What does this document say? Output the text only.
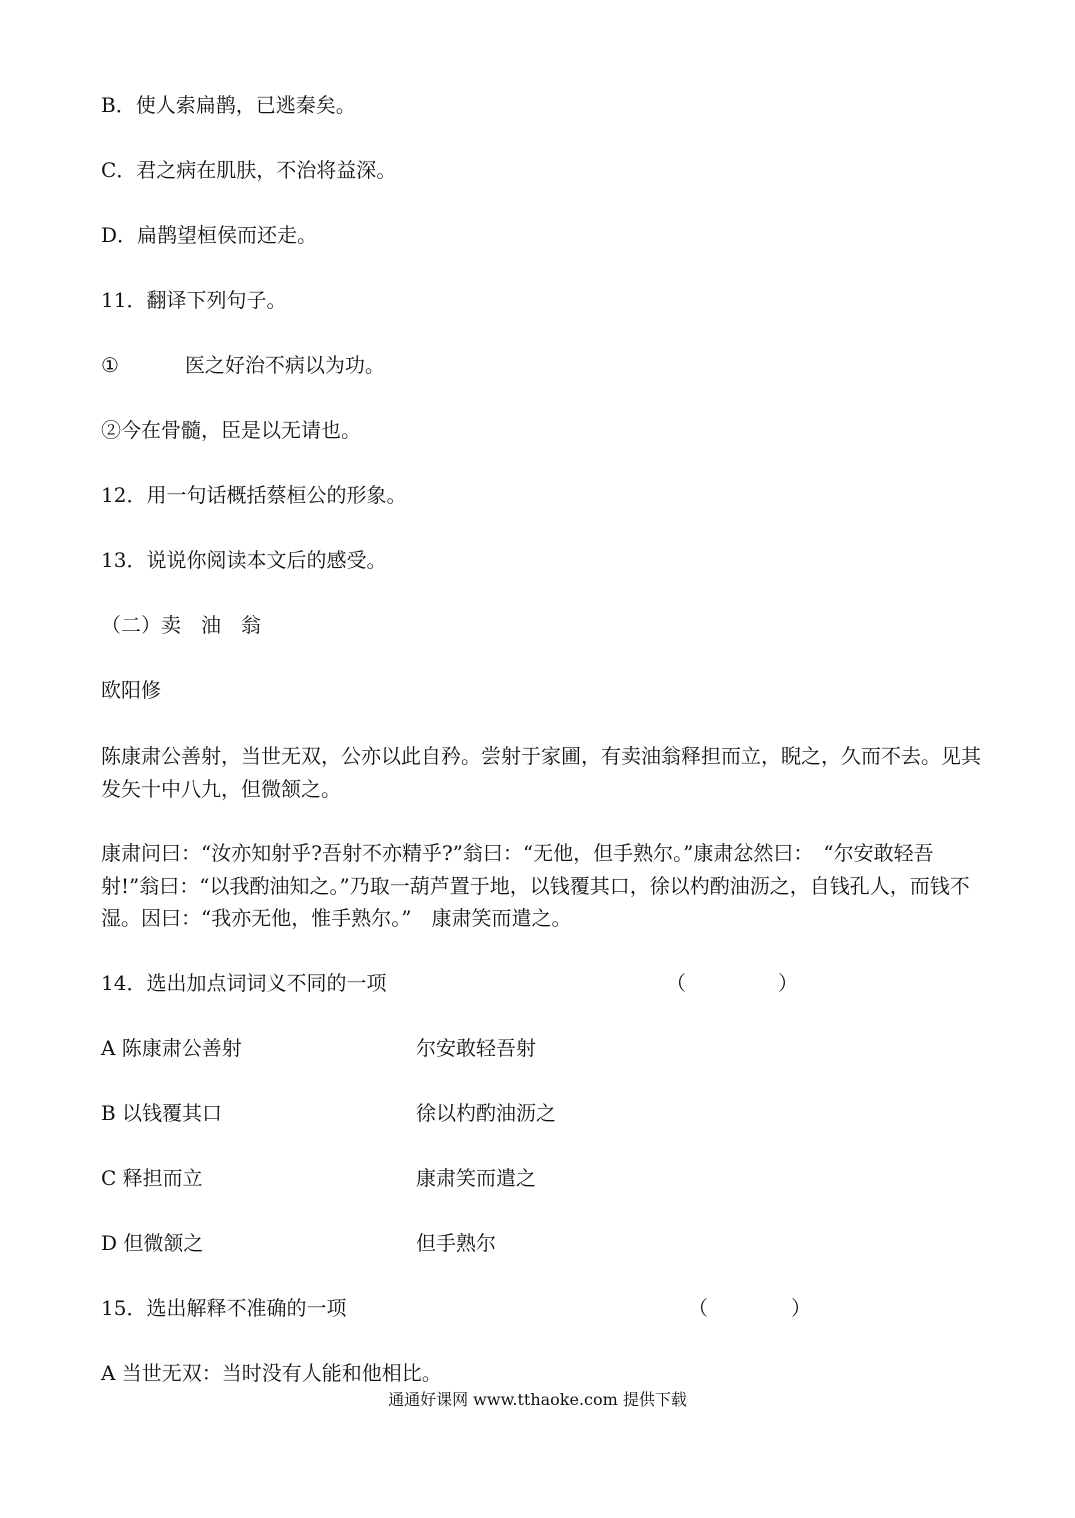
B．使人索扁鹊，已逃秦矣。
C．君之病在肌肤，不治将益深。
D．扁鹊望桓侯而还走。
11．翻译下列句子。
①	医之好治不病以为功。
②今在骨髓，臣是以无请也。
12．用一句话概括蔡桓公的形象。
13．说说你阅读本文后的感受。
（二）卖　油　翁
欧阳修
陈康肃公善射，当世无双，公亦以此自矜。尝射于家圃，有卖油翁释担而立，睨之，久而不去。见其发矢十中八九，但微颔之。
康肃问曰：“汝亦知射乎?吾射不亦精乎?”翁曰：“无他，但手熟尔。”康肃忿然曰：　“尔安敢轻吾射!”翁曰：“以我酌油知之。”乃取一葫芦置于地，以钱覆其口，徐以杓酌油沥之，自钱孔人，而钱不湿。因曰：“我亦无他，惟手熟尔。”　康肃笑而遣之。
14．选出加点词词义不同的一项	（	）
A 陈康肃公善射	尔安敢轻吾射
B 以钱覆其口	徐以杓酌油沥之
C 释担而立	康肃笑而遣之
D 但微颔之	但手熟尔
15．选出解释不准确的一项	（	）
A 当世无双：当时没有人能和他相比。
通通好课网 www.tthaoke.com 提供下载
